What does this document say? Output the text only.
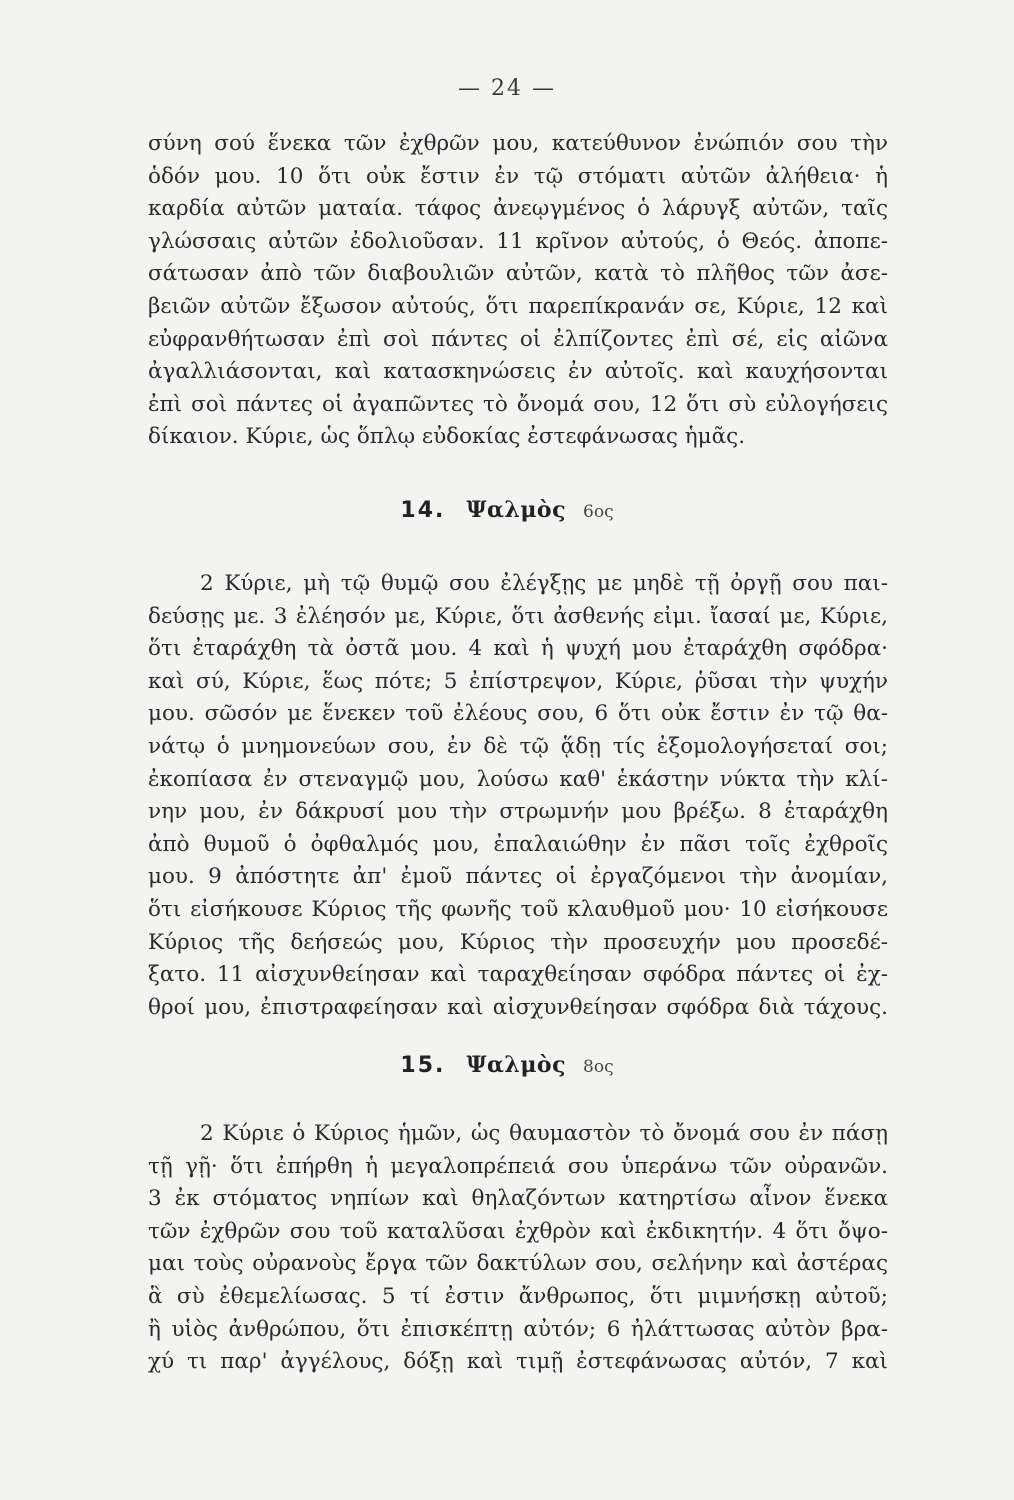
— 24 —
σύνη σού ἕνεκα τῶν ἐχθρῶν μου, κατεύθυνον ἐνώπιόν σου τὴν
ὁδόν μου. 10 ὅτι οὐκ ἔστιν ἐν τῷ στόματι αὐτῶν ἀλήθεια· ἡ
καρδία αὐτῶν ματαία. τάφος ἀνεῳγμένος ὁ λάρυγξ αὐτῶν, ταῖς
γλώσσαις αὐτῶν ἐδολιοῦσαν. 11 κρῖνον αὐτούς, ὁ Θεός. ἀποπε-
σάτωσαν ἀπὸ τῶν διαβουλιῶν αὐτῶν, κατὰ τὸ πλῆθος τῶν ἀσε-
βειῶν αὐτῶν ἔξωσον αὐτούς, ὅτι παρεπίκρανάν σε, Κύριε, 12 καὶ
εὐφρανθήτωσαν ἐπὶ σοὶ πάντες οἱ ἐλπίζοντες ἐπὶ σέ, εἰς αἰῶνα
ἀγαλλιάσονται, καὶ κατασκηνώσεις ἐν αὐτοῖς. καὶ καυχήσονται
ἐπὶ σοὶ πάντες οἱ ἀγαπῶντες τὸ ὄνομά σου, 12 ὅτι σὺ εὐλογήσεις
δίκαιον. Κύριε, ὡς ὅπλῳ εὐδοκίας ἐστεφάνωσας ἡμᾶς.
14. Ψαλμὸς 6ος
2 Κύριε, μὴ τῷ θυμῷ σου ἐλέγξῃς με μηδὲ τῇ ὀργῇ σου παι-
δεύσῃς με. 3 ἐλέησόν με, Κύριε, ὅτι ἀσθενής εἰμι. ἴασαί με, Κύριε,
ὅτι ἐταράχθη τὰ ὀστᾶ μου. 4 καὶ ἡ ψυχή μου ἐταράχθη σφόδρα·
καὶ σύ, Κύριε, ἕως πότε; 5 ἐπίστρεψον, Κύριε, ῥῦσαι τὴν ψυχήν
μου. σῶσόν με ἕνεκεν τοῦ ἐλέους σου, 6 ὅτι οὐκ ἔστιν ἐν τῷ θα-
νάτῳ ὁ μνημονεύων σου, ἐν δὲ τῷ ᾅδῃ τίς ἐξομολογήσεταί σοι;
ἐκοπίασα ἐν στεναγμῷ μου, λούσω καθ' ἑκάστην νύκτα τὴν κλί-
νην μου, ἐν δάκρυσί μου τὴν στρωμνήν μου βρέξω. 8 ἐταράχθη
ἀπὸ θυμοῦ ὁ ὀφθαλμός μου, ἐπαλαιώθην ἐν πᾶσι τοῖς ἐχθροῖς
μου. 9 ἀπόστητε ἀπ' ἐμοῦ πάντες οἱ ἐργαζόμενοι τὴν ἀνομίαν,
ὅτι εἰσήκουσε Κύριος τῆς φωνῆς τοῦ κλαυθμοῦ μου· 10 εἰσήκουσε
Κύριος τῆς δεήσεώς μου, Κύριος τὴν προσευχήν μου προσεδέ-
ξατο. 11 αἰσχυνθείησαν καὶ ταραχθείησαν σφόδρα πάντες οἱ ἐχ-
θροί μου, ἐπιστραφείησαν καὶ αἰσχυνθείησαν σφόδρα διὰ τάχους.
15. Ψαλμὸς 8ος
2 Κύριε ὁ Κύριος ἡμῶν, ὡς θαυμαστὸν τὸ ὄνομά σου ἐν πάσῃ
τῇ γῇ· ὅτι ἐπήρθη ἡ μεγαλοπρέπειά σου ὑπεράνω τῶν οὐρανῶν.
3 ἐκ στόματος νηπίων καὶ θηλαζόντων κατηρτίσω αἶνον ἕνεκα
τῶν ἐχθρῶν σου τοῦ καταλῦσαι ἐχθρὸν καὶ ἐκδικητήν. 4 ὅτι ὄψο-
μαι τοὺς οὐρανοὺς ἔργα τῶν δακτύλων σου, σελήνην καὶ ἀστέρας
ἃ σὺ ἐθεμελίωσας. 5 τί ἐστιν ἄνθρωπος, ὅτι μιμνήσκῃ αὐτοῦ;
ἢ υἱὸς ἀνθρώπου, ὅτι ἐπισκέπτῃ αὐτόν; 6 ἠλάττωσας αὐτὸν βρα-
χύ τι παρ' ἀγγέλους, δόξῃ καὶ τιμῇ ἐστεφάνωσας αὐτόν, 7 καὶ
